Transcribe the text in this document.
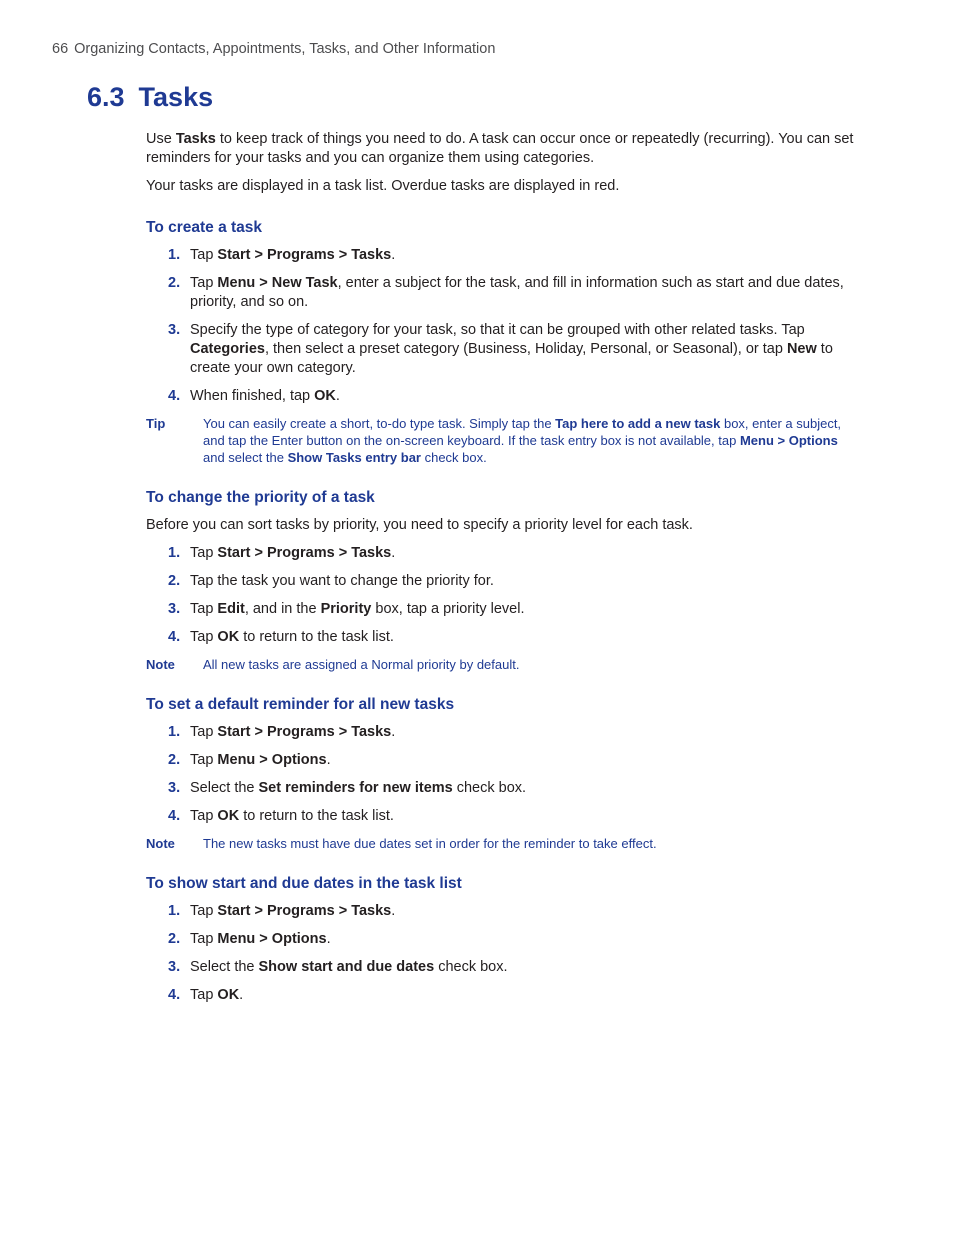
66 Organizing Contacts, Appointments, Tasks, and Other Information
6.3 Tasks

Use Tasks to keep track of things you need to do. A task can occur once or repeatedly (recurring). You can set reminders for your tasks and you can organize them using categories.

Your tasks are displayed in a task list. Overdue tasks are displayed in red.

To create a task
1. Tap Start > Programs > Tasks.
2. Tap Menu > New Task, enter a subject for the task, and fill in information such as start and due dates, priority, and so on.
3. Specify the type of category for your task, so that it can be grouped with other related tasks. Tap Categories, then select a preset category (Business, Holiday, Personal, or Seasonal), or tap New to create your own category.
4. When finished, tap OK.
Tip	You can easily create a short, to-do type task. Simply tap the Tap here to add a new task box, enter a subject, and tap the Enter button on the on-screen keyboard. If the task entry box is not available, tap Menu > Options and select the Show Tasks entry bar check box.
To change the priority of a task

Before you can sort tasks by priority, you need to specify a priority level for each task.

1. Tap Start > Programs > Tasks.
2. Tap the task you want to change the priority for.
3. Tap Edit, and in the Priority box, tap a priority level.
4. Tap OK to return to the task list.
Note All new tasks are assigned a Normal priority by default.
To set a default reminder for all new tasks
1. Tap Start > Programs > Tasks.
2. Tap Menu > Options.
3. Select the Set reminders for new items check box.
4. Tap OK to return to the task list.
Note The new tasks must have due dates set in order for the reminder to take effect.
To show start and due dates in the task list
1. Tap Start > Programs > Tasks.
2. Tap Menu > Options.
3. Select the Show start and due dates check box.
4. Tap OK.
